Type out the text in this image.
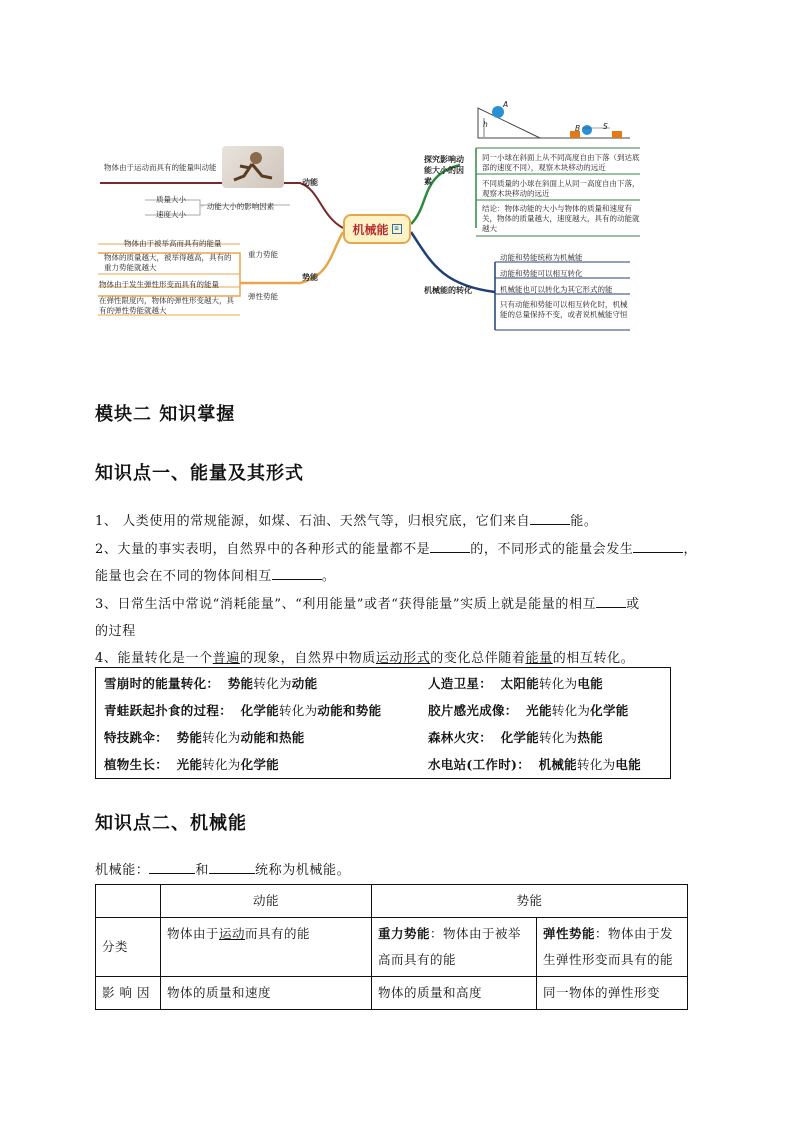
A
h	B	S
物体由于运动而具有的能量叫动能
动能
质量大小
速度大小
◦ 动能大小的影响因素
势能
物体由于被举高而具有的能量
物体的质量越大，被举得越高，具有的重力势能就越大
重力势能
物体由于发生弹性形变而具有的能量
在弹性限度内，物体的弹性形变越大，具有的弹性势能就越大
弹性势能
机械能 ≡
探究影响动能大小的因素
同一小球在斜面上从不同高度自由下落（到达底部的速度不同），观察木块移动的远近
不同质量的小球在斜面上从同一高度自由下落，观察木块移动的远近
结论：物体动能的大小与物体的质量和速度有关，物体的质量越大，速度越大，具有的动能就越大
机械能的转化
动能和势能统称为机械能
动能和势能可以相互转化
机械能也可以转化为其它形式的能
只有动能和势能可以相互转化时，机械能的总量保持不变，或者说机械能守恒
模块二 知识掌握
知识点一、能量及其形式

1、 人类使用的常规能源，如煤、石油、天然气等，归根究底，它们来自	能。

2、大量的事实表明，自然界中的各种形式的能量都不是	的，不同形式的能量会发生	，

能量也会在不同的物体间相互	。

3、日常生活中常说“消耗能量”、“利用能量”或者“获得能量”实质上就是能量的相互 或

的过程

4、能量转化是一个普遍的现象，自然界中物质运动形式的变化总伴随着能量的相互转化。

雪崩时的能量转化： 势能转化为动能	人造卫星： 太阳能转化为电能
青蛙跃起扑食的过程： 化学能转化为动能和势能	胶片感光成像： 光能转化为化学能
特技跳伞： 势能转化为动能和热能	森林火灾： 化学能转化为热能
植物生长： 光能转化为化学能	水电站(工作时)： 机械能转化为电能
知识点二、机械能

机械能：	和	统称为机械能。

	动能	势能	
分类	物体由于运动而具有的能	重力势能：物体由于被举高而具有的能	弹性势能：物体由于发生弹性形变而具有的能
影 响 因	物体的质量和速度	物体的质量和高度	同一物体的弹性形变
